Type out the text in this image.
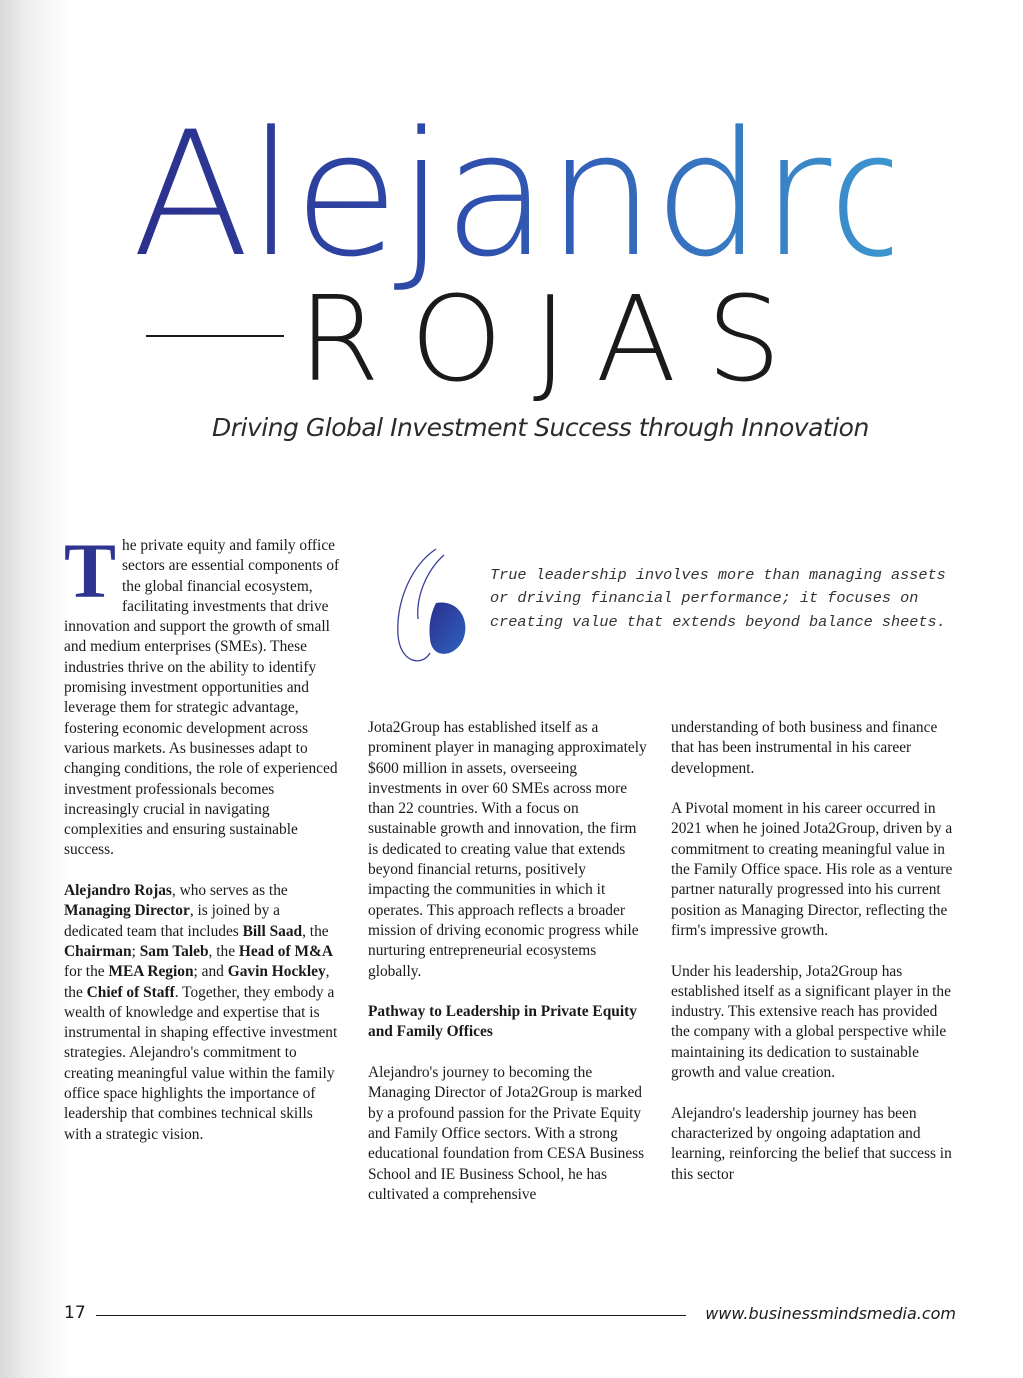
Alejandro
ROJAS
Driving Global Investment Success through Innovation

The private equity and family office sectors are essential components of the global financial ecosystem, facilitating investments that drive innovation and support the growth of small and medium enterprises (SMEs). These industries thrive on the ability to identify promising investment opportunities and leverage them for strategic advantage, fostering economic development across various markets. As businesses adapt to changing conditions, the role of experienced investment professionals becomes increasingly crucial in navigating complexities and ensuring sustainable success.

Alejandro Rojas, who serves as the Managing Director, is joined by a dedicated team that includes Bill Saad, the Chairman; Sam Taleb, the Head of M&A for the MEA Region; and Gavin Hockley, the Chief of Staff. Together, they embody a wealth of knowledge and expertise that is instrumental in shaping effective investment strategies. Alejandro's commitment to creating meaningful value within the family office space highlights the importance of leadership that combines technical skills with a strategic vision.

True leadership involves more than managing assets or driving financial performance; it focuses on creating value that extends beyond balance sheets.

Jota2Group has established itself as a prominent player in managing approximately $600 million in assets, overseeing investments in over 60 SMEs across more than 22 countries. With a focus on sustainable growth and innovation, the firm is dedicated to creating value that extends beyond financial returns, positively impacting the communities in which it operates. This approach reflects a broader mission of driving economic progress while nurturing entrepreneurial ecosystems globally.

Pathway to Leadership in Private Equity and Family Offices

Alejandro's journey to becoming the Managing Director of Jota2Group is marked by a profound passion for the Private Equity and Family Office sectors. With a strong educational foundation from CESA Business School and IE Business School, he has cultivated a comprehensive

understanding of both business and finance that has been instrumental in his career development.

A Pivotal moment in his career occurred in 2021 when he joined Jota2Group, driven by a commitment to creating meaningful value in the Family Office space. His role as a venture partner naturally progressed into his current position as Managing Director, reflecting the firm's impressive growth.

Under his leadership, Jota2Group has established itself as a significant player in the industry. This extensive reach has provided the company with a global perspective while maintaining its dedication to sustainable growth and value creation.

Alejandro's leadership journey has been characterized by ongoing adaptation and learning, reinforcing the belief that success in this sector

17	www.businessmindsmedia.com
